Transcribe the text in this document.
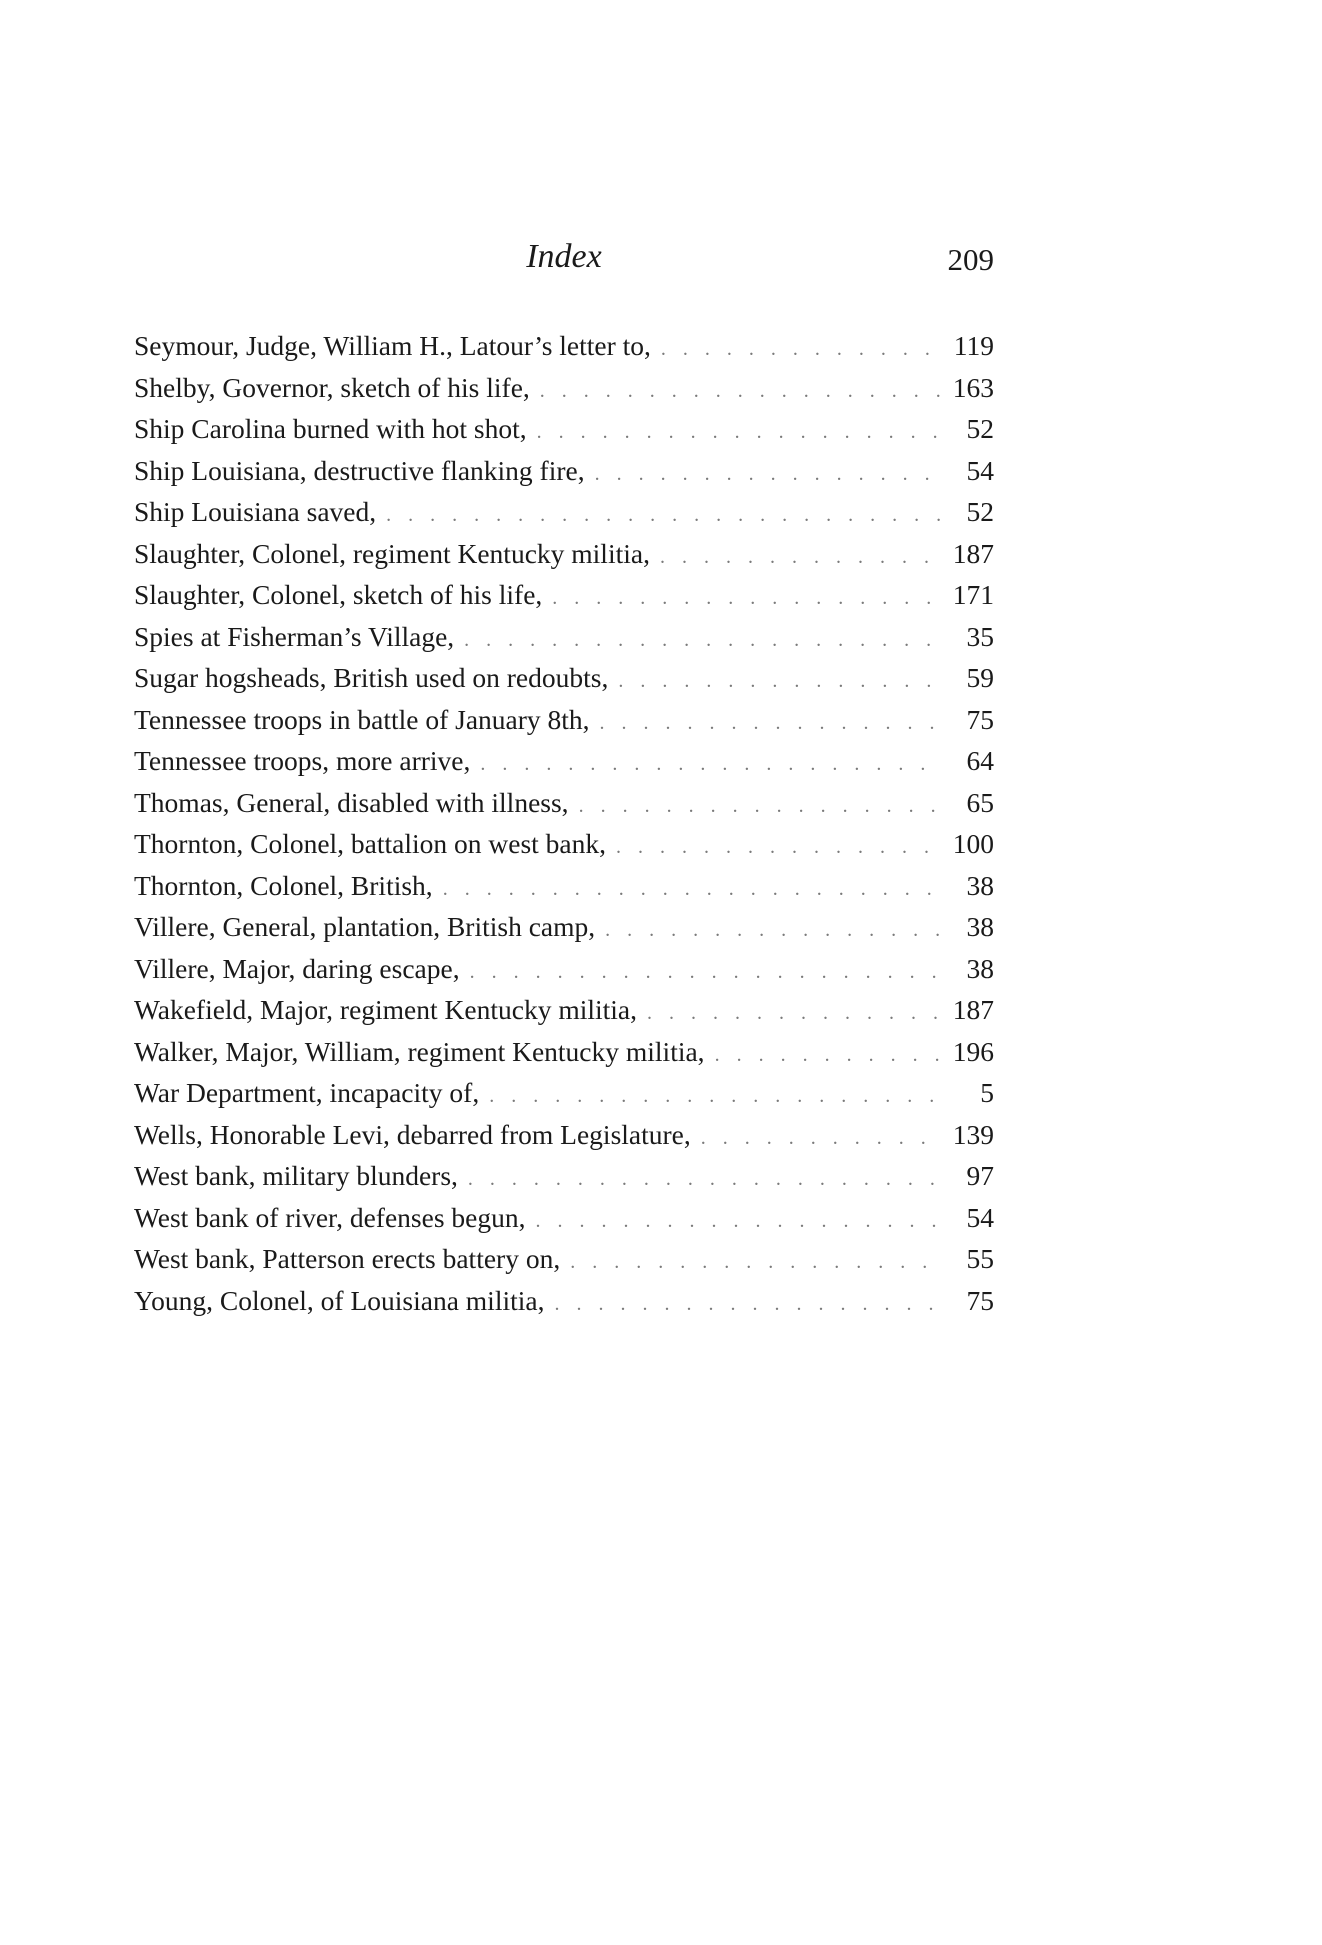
Index	209
Seymour, Judge, William H., Latour’s letter to, . . .	119
Shelby, Governor, sketch of his life, . . .	163
Ship Carolina burned with hot shot, . . .	52
Ship Louisiana, destructive flanking fire, . . .	54
Ship Louisiana saved, . . .	52
Slaughter, Colonel, regiment Kentucky militia, . . .	187
Slaughter, Colonel, sketch of his life, . . .	171
Spies at Fisherman’s Village, . . .	35
Sugar hogsheads, British used on redoubts, . . .	59
Tennessee troops in battle of January 8th, . . .	75
Tennessee troops, more arrive, . . .	64
Thomas, General, disabled with illness, . . .	65
Thornton, Colonel, battalion on west bank, . . .	100
Thornton, Colonel, British, . . .	38
Villere, General, plantation, British camp, . . .	38
Villere, Major, daring escape, . . .	38
Wakefield, Major, regiment Kentucky militia, . . .	187
Walker, Major, William, regiment Kentucky militia, . . .	196
War Department, incapacity of, . . .	5
Wells, Honorable Levi, debarred from Legislature, . . .	139
West bank, military blunders, . . .	97
West bank of river, defenses begun, . . .	54
West bank, Patterson erects battery on, . . .	55
Young, Colonel, of Louisiana militia, . . .	75
